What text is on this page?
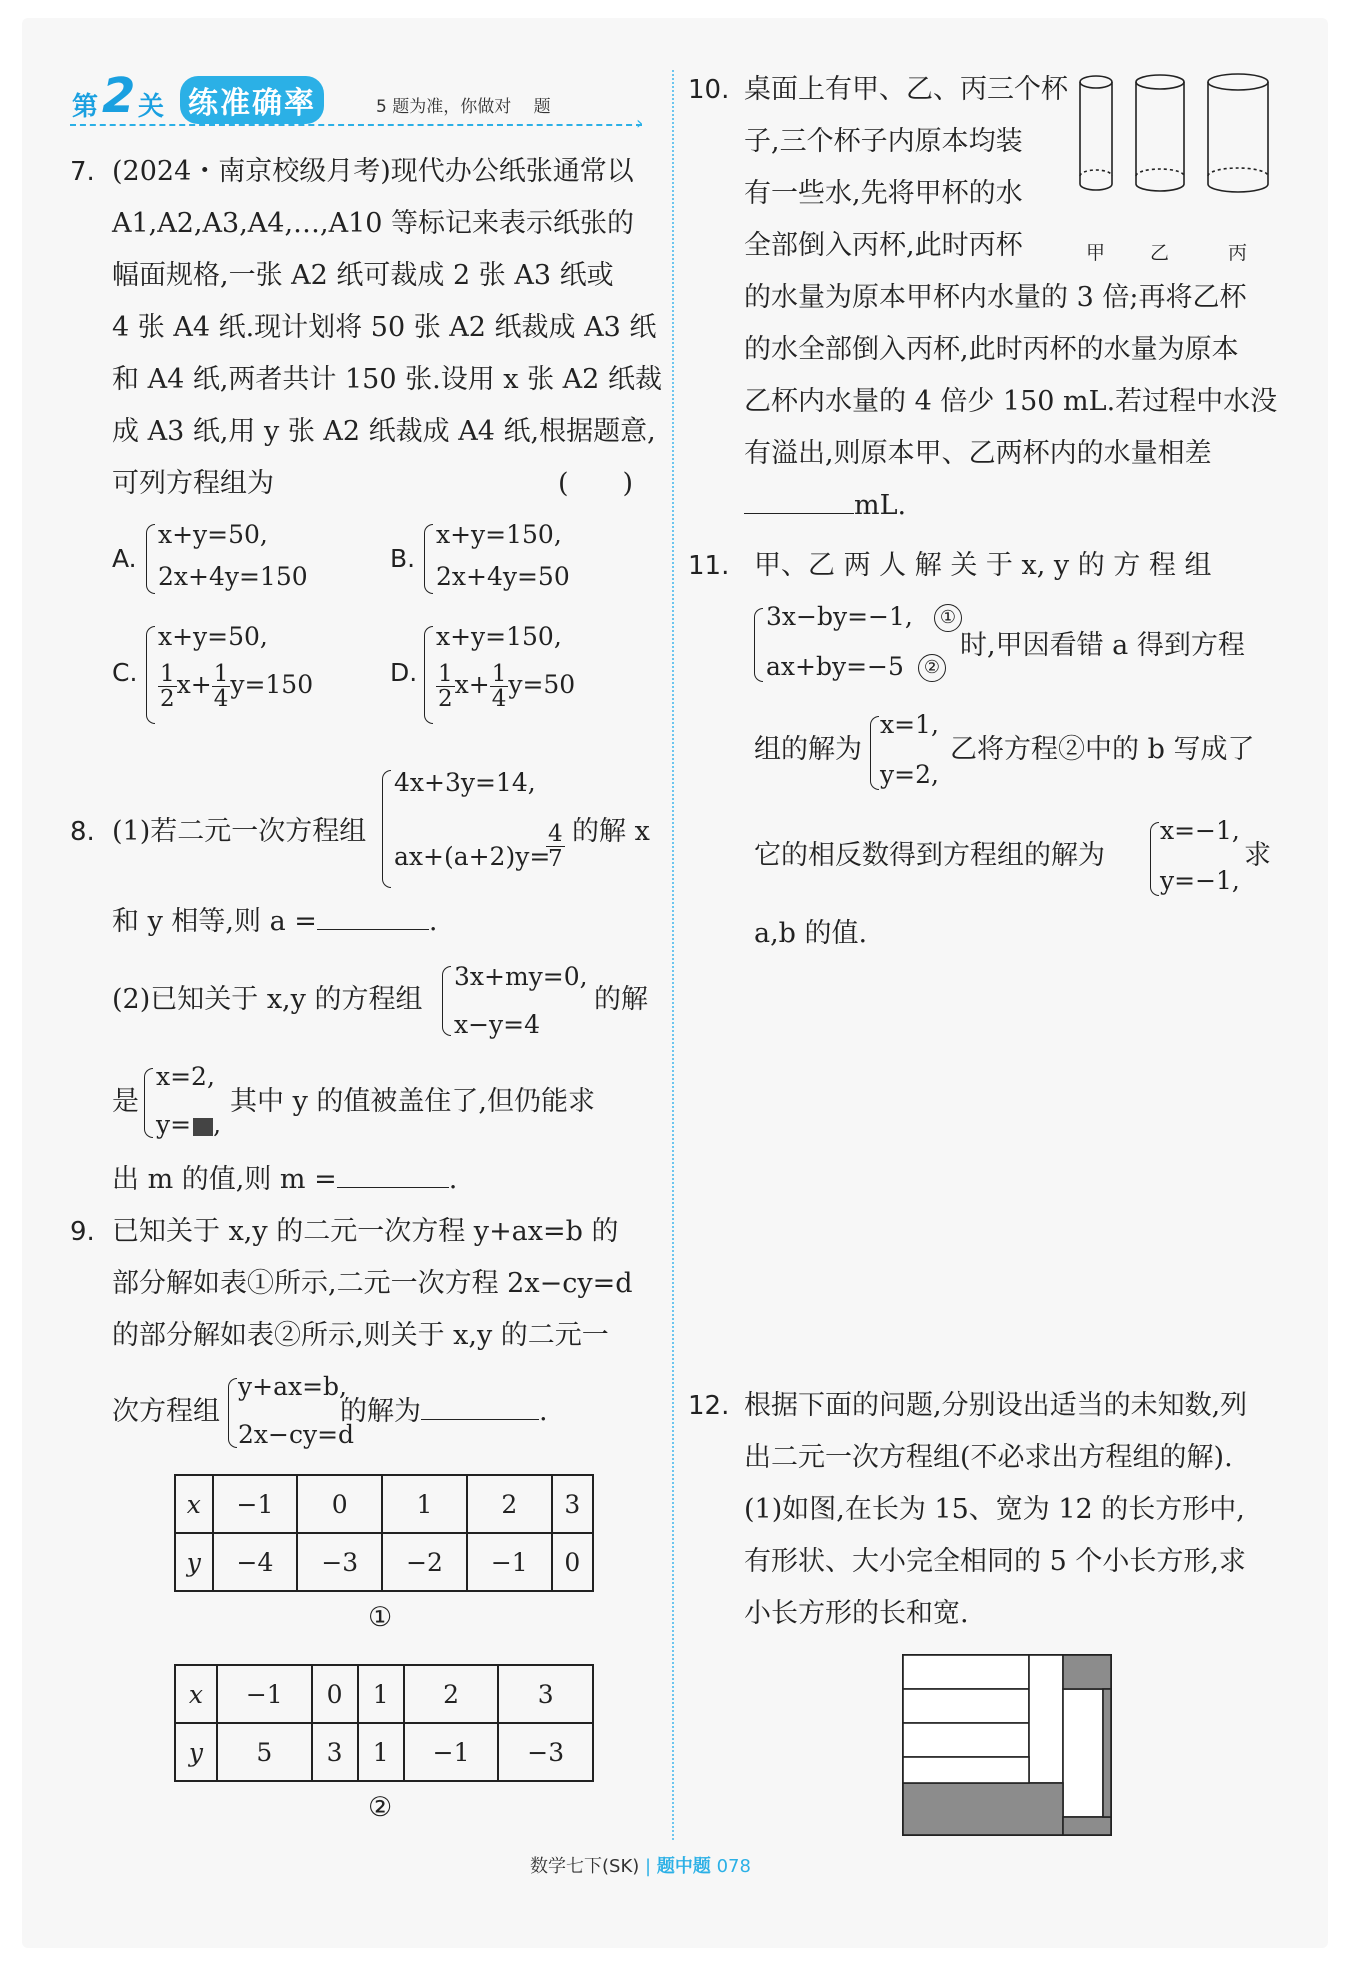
第 2 关 练准确率	5 题为准，你做对　 题
›
7. (2024・南京校级月考)现代办公纸张通常以
A1,A2,A3,A4,…,A10 等标记来表示纸张的
幅面规格,一张 A2 纸可裁成 2 张 A3 纸或
4 张 A4 纸.现计划将 50 张 A2 纸裁成 A3 纸
和 A4 纸,两者共计 150 张.设用 x 张 A2 纸裁
成 A3 纸,用 y 张 A2 纸裁成 A4 纸,根据题意,
可列方程组为	(　　)
A.
x+y=50,
2x+4y=150
B.
x+y=150,
2x+4y=50
C.
x+y=50,
$\frac{1}{2}x+ \frac{1}{4}y=150$	D.
x+y=150,
$\frac{1}{2}x+ \frac{1}{4}y=50$
8. (1)若二元一次方程组
4x+3y=14,
ax+(a+2)y=
$\frac{4}{7}$ 的解 x
和 y 相等,则 a =	.
(2)已知关于 x,y 的方程组
3x+my=0,
x−y=4
的解
是
x=2,
y= ,
其中 y 的值被盖住了,但仍能求
出 m 的值,则 m =	.
9. 已知关于 x,y 的二元一次方程 y+ax=b 的
部分解如表①所示,二元一次方程 2x−cy=d
的部分解如表②所示,则关于 x,y 的二元一
次方程组
y+ax=b,
2x−cy=d
的解为	.
x	−1	0	1	2	3
y	−4	−3	−2	−1	0
①
x	−1	0	1	2	3
y	5	3	1	−1	−3
②
10. 桌面上有甲、乙、丙三个杯
子,三个杯子内原本均装
有一些水,先将甲杯的水
全部倒入丙杯,此时丙杯
的水量为原本甲杯内水量的 3 倍;再将乙杯
的水全部倒入丙杯,此时丙杯的水量为原本
乙杯内水量的 4 倍少 150 mL.若过程中水没
有溢出,则原本甲、乙两杯内的水量相差
mL.
甲 乙	丙
11. 甲、乙 两 人 解 关 于 x, y 的 方 程 组
3x−by=−1,
ax+by=−5
①
②
时,甲因看错 a 得到方程
组的解为
x=1,
y=2,
乙将方程②中的 b 写成了
它的相反数得到方程组的解为
x=−1,
y=−1,
求
a,b 的值.
12. 根据下面的问题,分别设出适当的未知数,列
出二元一次方程组(不必求出方程组的解).
(1)如图,在长为 15、宽为 12 的长方形中,
有形状、大小完全相同的 5 个小长方形,求
小长方形的长和宽.
数学七下(SK) | 题中题 078
